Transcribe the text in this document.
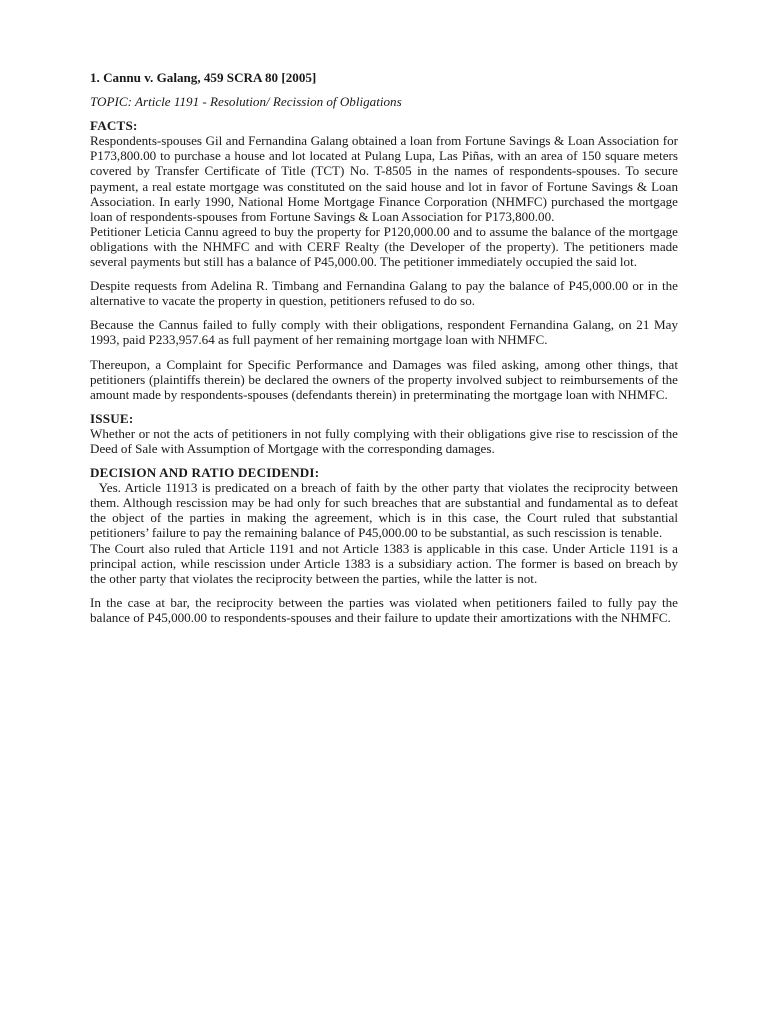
1. Cannu v. Galang, 459 SCRA 80 [2005]

TOPIC: Article 1191 - Resolution/ Recission of Obligations

FACTS:

Respondents-spouses Gil and Fernandina Galang obtained a loan from Fortune Savings & Loan Association for P173,800.00 to purchase a house and lot located at Pulang Lupa, Las Piñas, with an area of 150 square meters covered by Transfer Certificate of Title (TCT) No. T-8505 in the names of respondents-spouses. To secure payment, a real estate mortgage was constituted on the said house and lot in favor of Fortune Savings & Loan Association. In early 1990, National Home Mortgage Finance Corporation (NHMFC) purchased the mortgage loan of respondents-spouses from Fortune Savings & Loan Association for P173,800.00.

Petitioner Leticia Cannu agreed to buy the property for P120,000.00 and to assume the balance of the mortgage obligations with the NHMFC and with CERF Realty (the Developer of the property). The petitioners made several payments but still has a balance of P45,000.00. The petitioner immediately occupied the said lot.

Despite requests from Adelina R. Timbang and Fernandina Galang to pay the balance of P45,000.00 or in the alternative to vacate the property in question, petitioners refused to do so.

Because the Cannus failed to fully comply with their obligations, respondent Fernandina Galang, on 21 May 1993, paid P233,957.64 as full payment of her remaining mortgage loan with NHMFC.

Thereupon, a Complaint for Specific Performance and Damages was filed asking, among other things, that petitioners (plaintiffs therein) be declared the owners of the property involved subject to reimbursements of the amount made by respondents-spouses (defendants therein) in preterminating the mortgage loan with NHMFC.

ISSUE:

Whether or not the acts of petitioners in not fully complying with their obligations give rise to rescission of the Deed of Sale with Assumption of Mortgage with the corresponding damages.

DECISION AND RATIO DECIDENDI:

Yes. Article 11913 is predicated on a breach of faith by the other party that violates the reciprocity between them. Although rescission may be had only for such breaches that are substantial and fundamental as to defeat the object of the parties in making the agreement, which is in this case, the Court ruled that substantial petitioners’ failure to pay the remaining balance of P45,000.00 to be substantial, as such rescission is tenable.

The Court also ruled that Article 1191 and not Article 1383 is applicable in this case. Under Article 1191 is a principal action, while rescission under Article 1383 is a subsidiary action. The former is based on breach by the other party that violates the reciprocity between the parties, while the latter is not.

In the case at bar, the reciprocity between the parties was violated when petitioners failed to fully pay the balance of P45,000.00 to respondents-spouses and their failure to update their amortizations with the NHMFC.
